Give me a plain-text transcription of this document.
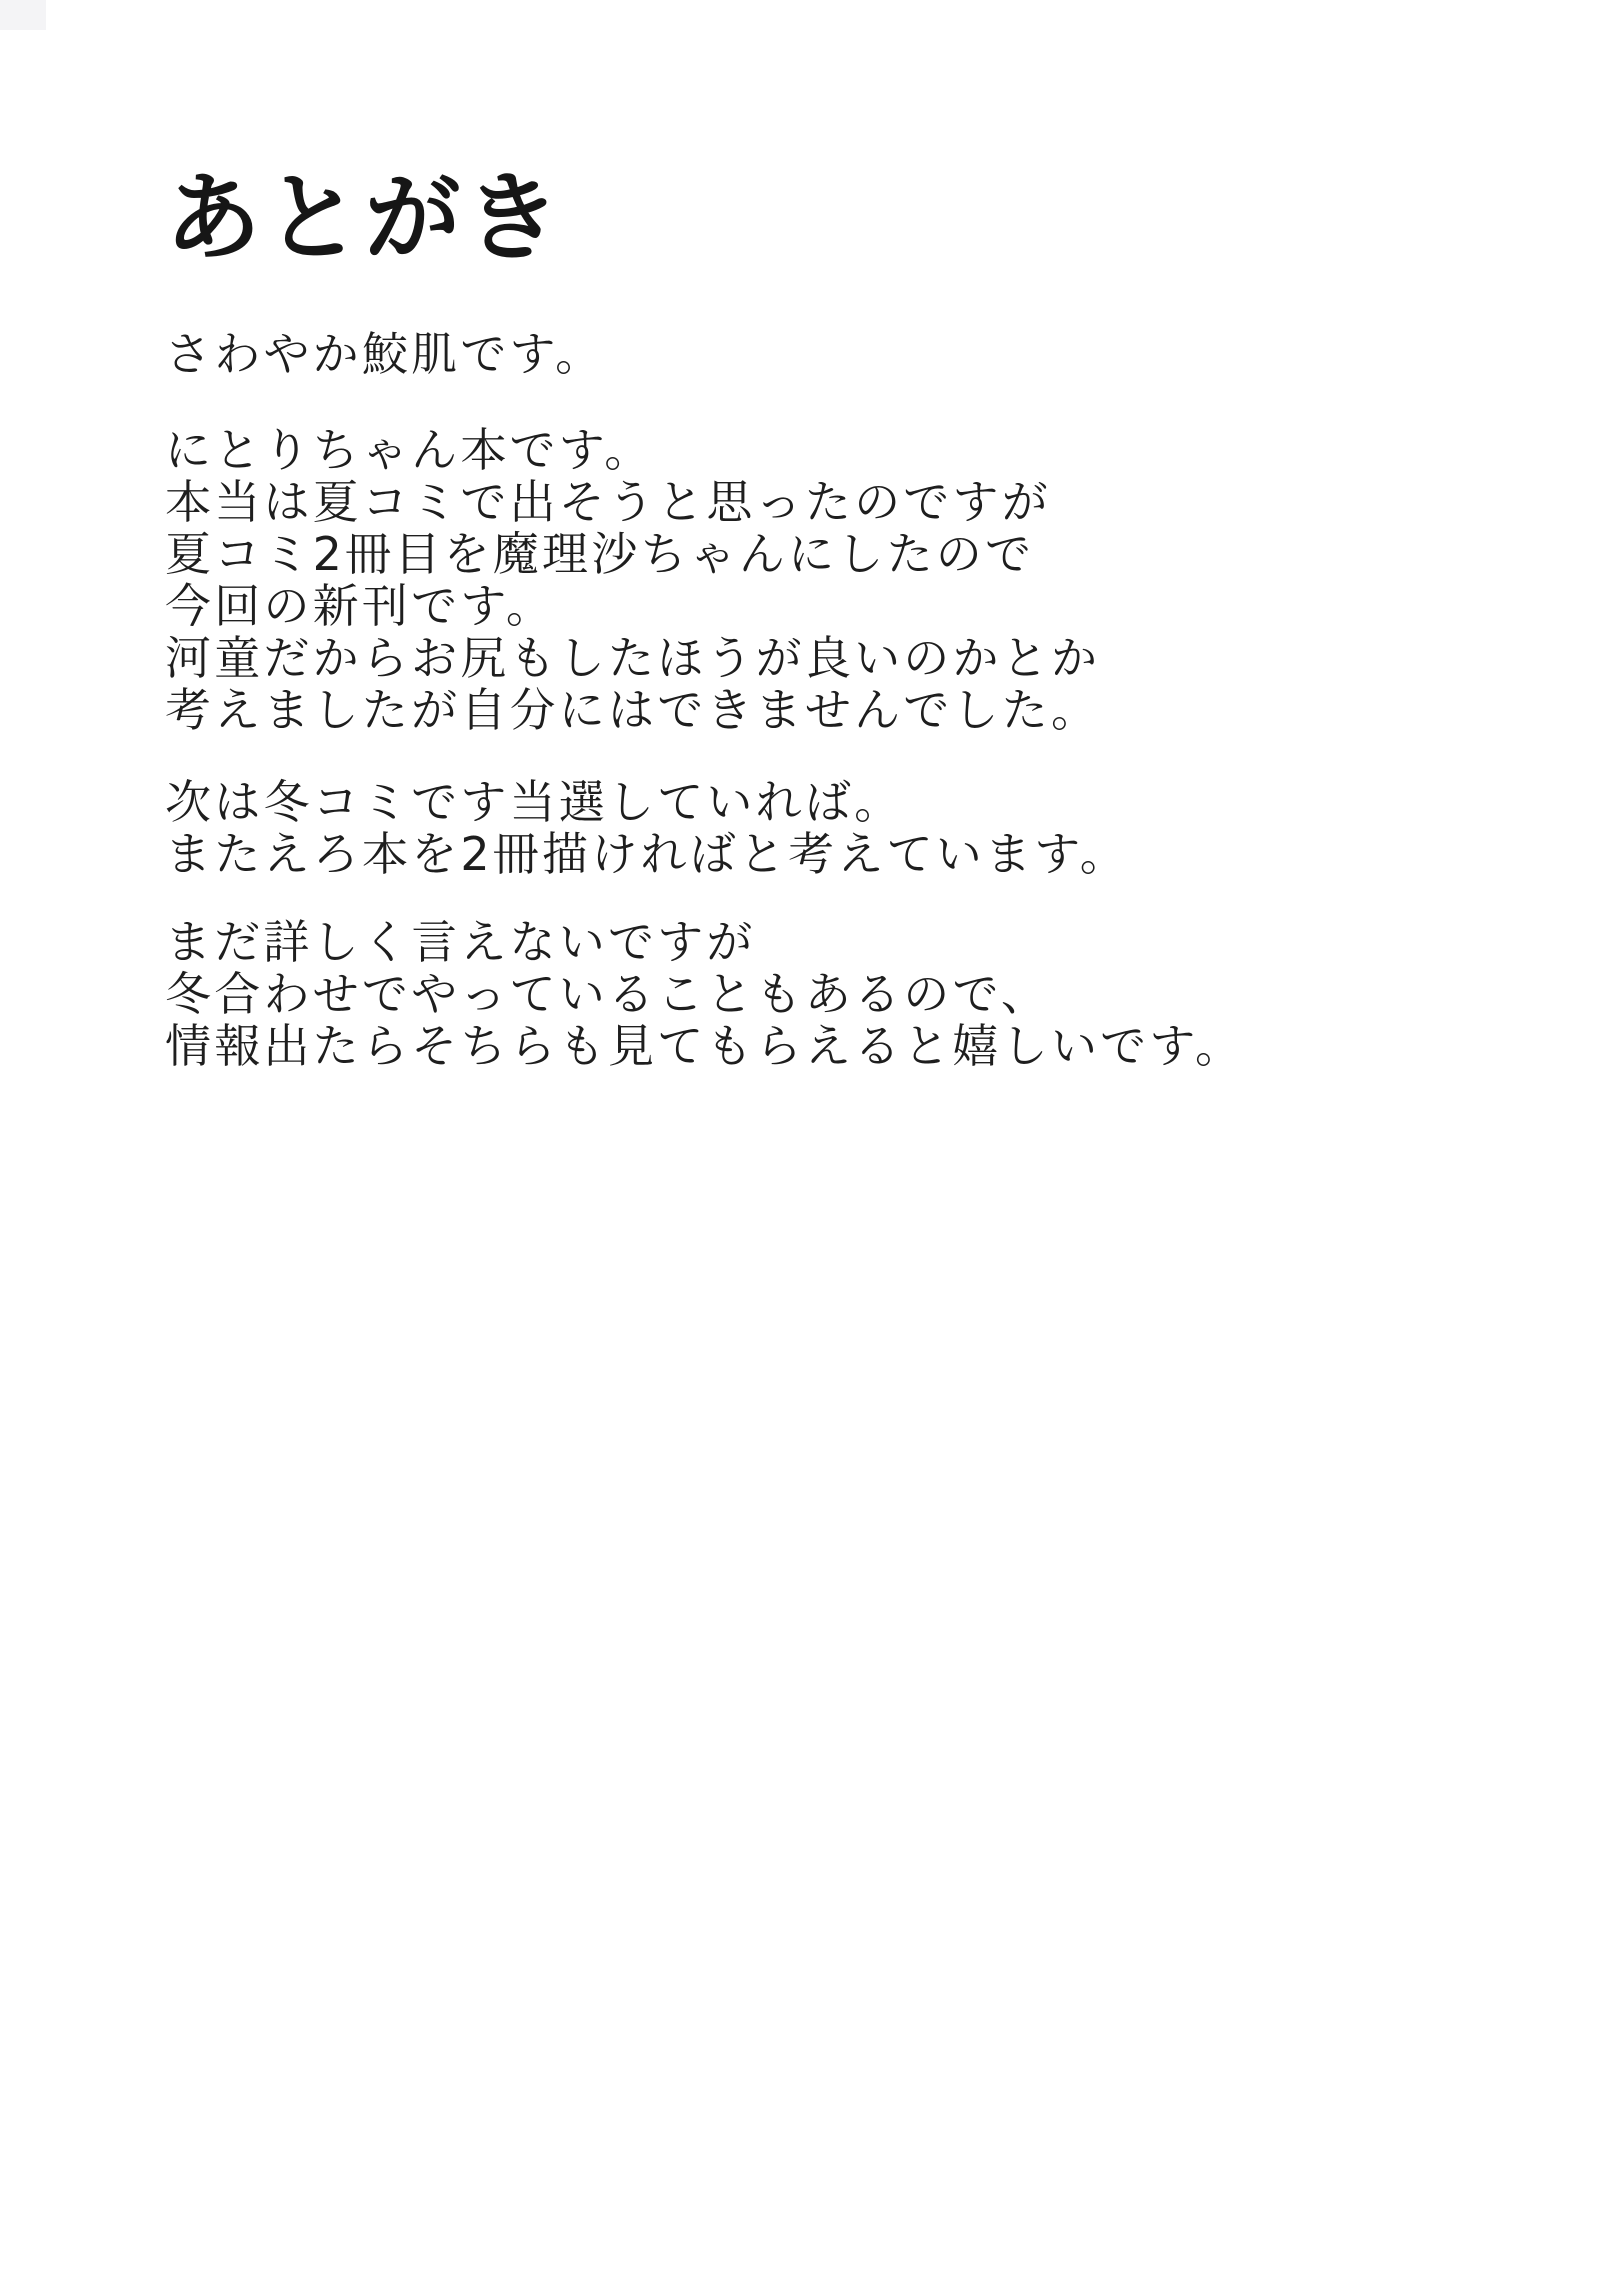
あとがき

さわやか鮫肌です。

にとりちゃん本です。
本当は夏コミで出そうと思ったのですが
夏コミ2冊目を魔理沙ちゃんにしたので
今回の新刊です。
河童だからお尻もしたほうが良いのかとか
考えましたが自分にはできませんでした。

次は冬コミです当選していれば。
またえろ本を2冊描ければと考えています。

まだ詳しく言えないですが
冬合わせでやっていることもあるので、
情報出たらそちらも見てもらえると嬉しいです。
